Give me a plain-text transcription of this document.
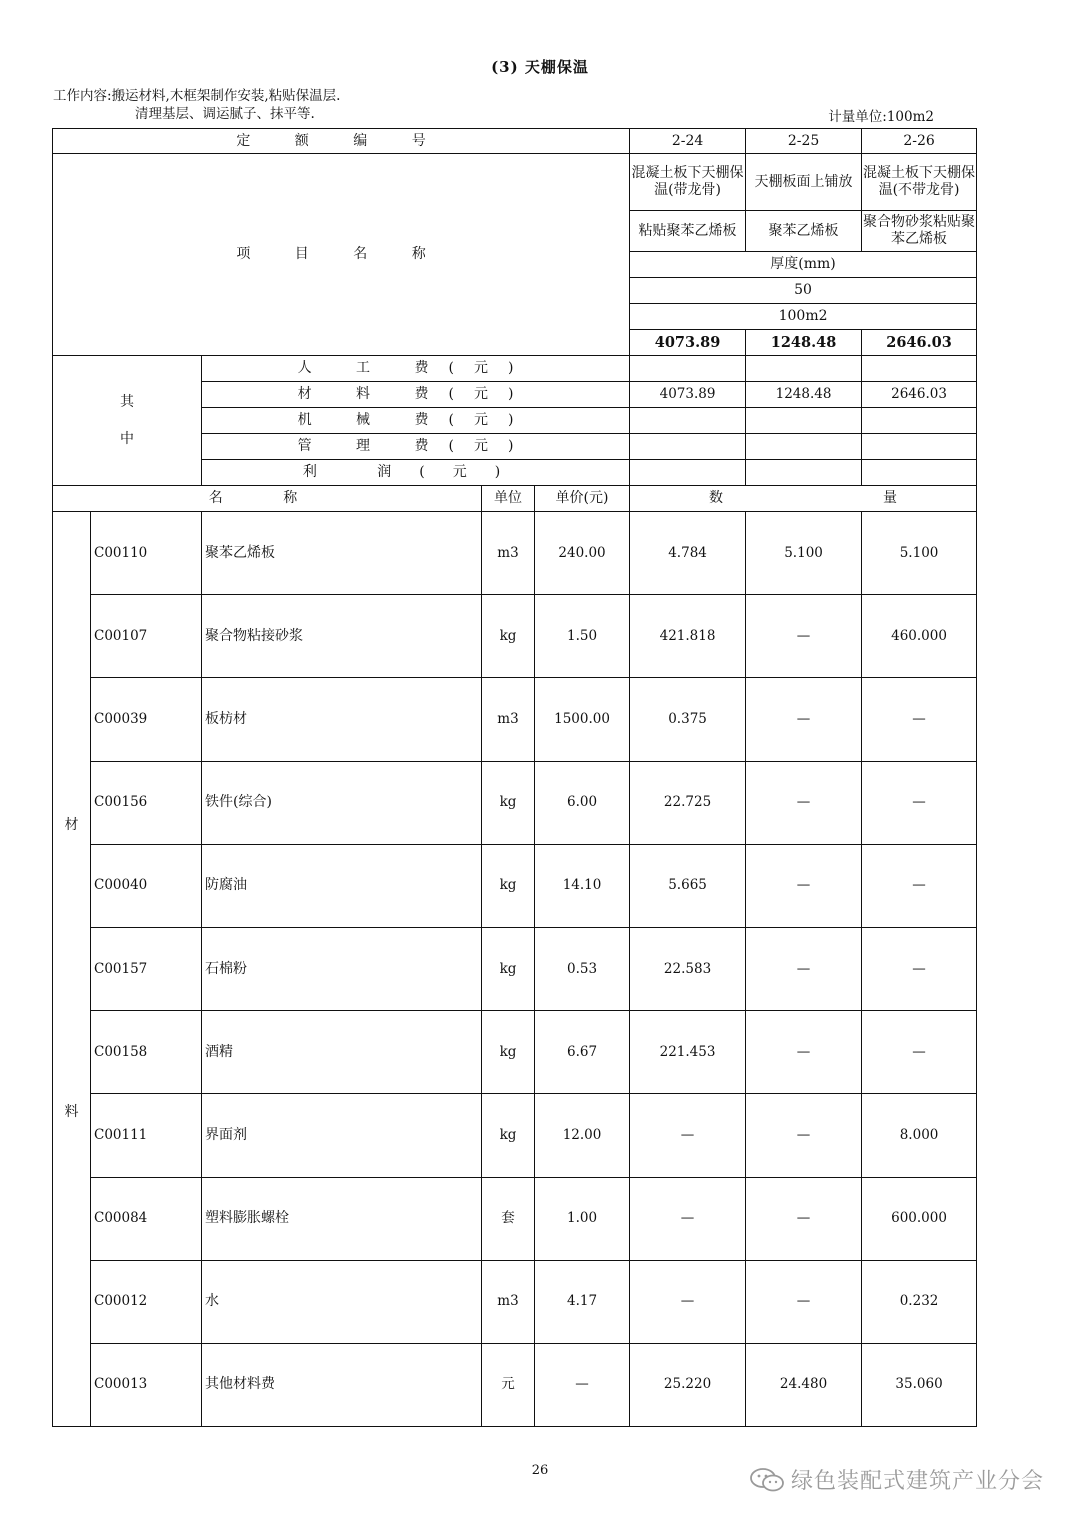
(3) 天棚保温
工作内容:搬运材料,木框架制作安装,粘贴保温层.
清理基层、调运腻子、抹平等.	计量单位:100m2
定 额 编 号					2-24	2-25	2-26
项 目 名 称					混凝土板下天棚保温(带龙骨)	天棚板面上铺放	混凝土板下天棚保温(不带龙骨)
					粘贴聚苯乙烯板	聚苯乙烯板	聚合物砂浆粘贴聚苯乙烯板
					厚度(mm)		
					50		
					100m2		
					4073.89	1248.48	2646.03

其
中		人 工 费(元)					
		材 料 费(元)			4073.89	1248.48	2646.03
		机 械 费(元)					
		管 理 费(元)					
		利 润(元)					
名 称			单位	单价(元)	数 量		

材
料	C00110	聚苯乙烯板	m3	240.00	4.784	5.100	5.100
	C00107	聚合物粘接砂浆	kg	1.50	421.818	—	460.000
	C00039	板枋材	m3	1500.00	0.375	—	—
	C00156	铁件(综合)	kg	6.00	22.725	—	—
	C00040	防腐油	kg	14.10	5.665	—	—
	C00157	石棉粉	kg	0.53	22.583	—	—
	C00158	酒精	kg	6.67	221.453	—	—
	C00111	界面剂	kg	12.00	—	—	8.000
	C00084	塑料膨胀螺栓	套	1.00	—	—	600.000
	C00012	水	m3	4.17	—	—	0.232
	C00013	其他材料费	元	—	25.220	24.480	35.060
26	绿色装配式建筑产业分会
